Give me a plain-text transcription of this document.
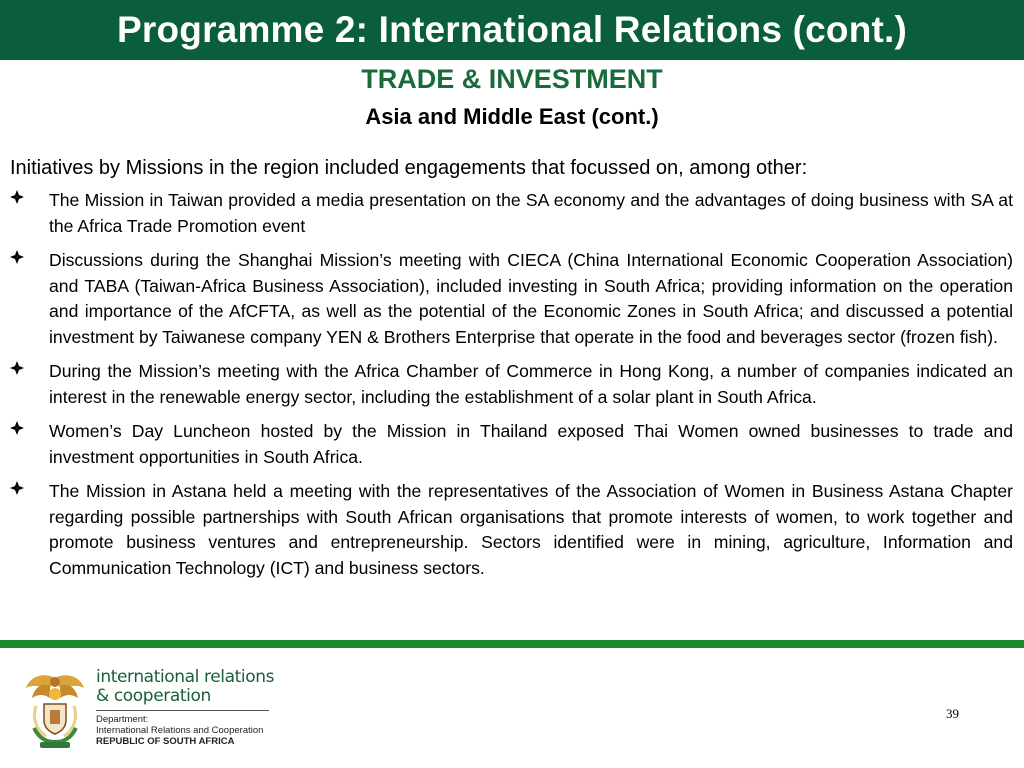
Programme 2: International Relations (cont.)
TRADE & INVESTMENT
Asia and Middle East (cont.)
Initiatives by Missions in the region included engagements that focussed on, among other:
The Mission in Taiwan provided a media presentation on the SA economy and the advantages of doing business with SA at the Africa Trade Promotion event
Discussions during the Shanghai Mission’s meeting with CIECA (China International Economic Cooperation Association) and TABA (Taiwan-Africa Business Association), included investing in South Africa; providing information on the operation and importance of the AfCFTA, as well as the potential of the Economic Zones in South Africa; and discussed a potential investment by Taiwanese company YEN & Brothers Enterprise that operate in the food and beverages sector (frozen fish).
During the Mission’s meeting with the Africa Chamber of Commerce in Hong Kong, a number of companies indicated an interest in the renewable energy sector, including the establishment of a solar plant in South Africa.
Women’s Day Luncheon hosted by the Mission in Thailand exposed Thai Women owned businesses to trade and investment opportunities in South Africa.
The Mission in Astana held a meeting with the representatives of the Association of Women in Business Astana Chapter regarding possible partnerships with South African organisations that promote interests of women, to work together and promote business ventures and entrepreneurship. Sectors identified were in mining, agriculture, Information and Communication Technology (ICT) and business sectors.
international relations
& cooperation
Department:
International Relations and Cooperation
REPUBLIC OF SOUTH AFRICA
39
